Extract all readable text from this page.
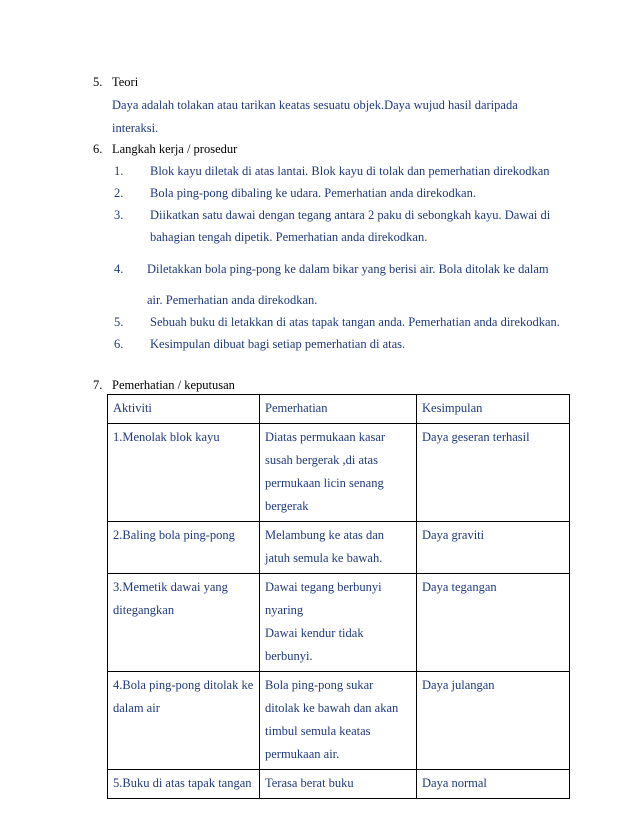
5. Teori
Daya adalah tolakan atau tarikan keatas sesuatu objek.Daya wujud hasil daripada
interaksi.
6. Langkah kerja / prosedur
1. Blok kayu diletak di atas lantai. Blok kayu di tolak dan pemerhatian direkodkan
2. Bola ping-pong dibaling ke udara. Pemerhatian anda direkodkan.
3. Diikatkan satu dawai dengan tegang antara 2 paku di sebongkah kayu. Dawai di
bahagian tengah dipetik. Pemerhatian anda direkodkan.
4. Diletakkan bola ping-pong ke dalam bikar yang berisi air. Bola ditolak ke dalam
air. Pemerhatian anda direkodkan.
5. Sebuah buku di letakkan di atas tapak tangan anda. Pemerhatian anda direkodkan.
6. Kesimpulan dibuat bagi setiap pemerhatian di atas.
7. Pemerhatian / keputusan
Aktiviti	Pemerhatian	Kesimpulan

1.Menolak blok kayu	Diatas permukaan kasar
susah bergerak ,di atas
permukaan licin senang
bergerak	Daya geseran terhasil

2.Baling bola ping-pong	Melambung ke atas dan
jatuh semula ke bawah.	Daya graviti

3.Memetik dawai yang
ditegangkan	Dawai tegang berbunyi
nyaring
Dawai kendur tidak
berbunyi.	Daya tegangan

4.Bola ping-pong ditolak ke
dalam air	Bola ping-pong sukar
ditolak ke bawah dan akan
timbul semula keatas
permukaan air.	Daya julangan

5.Buku di atas tapak tangan	Terasa berat buku	Daya normal
